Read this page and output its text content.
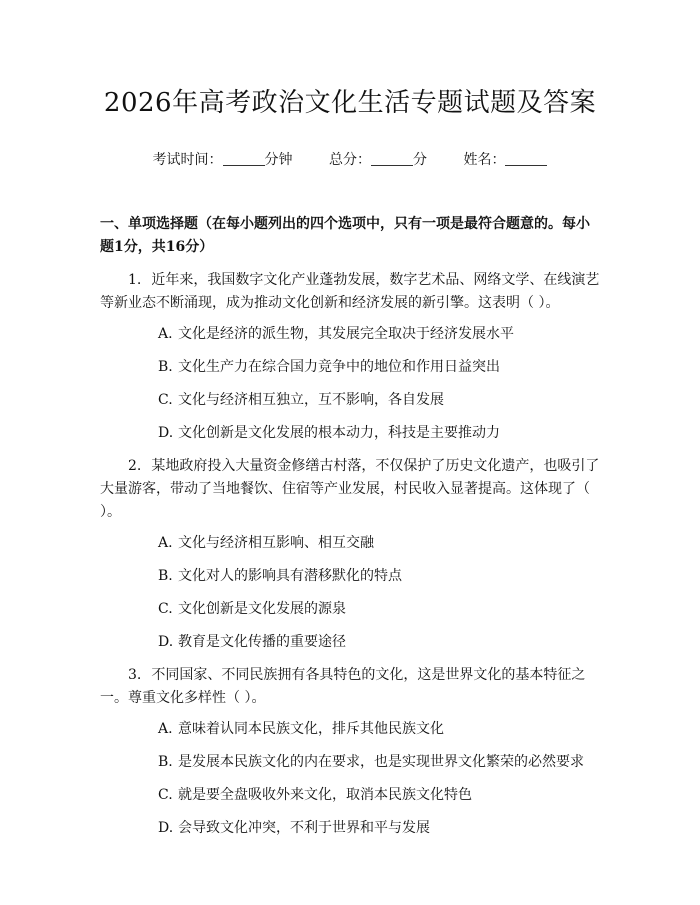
2026年高考政治文化生活专题试题及答案
考试时间：	分钟	总分：	分	姓名：
一、单项选择题（在每小题列出的四个选项中，只有一项是最符合题意的。每小题1分，共16分）
1. 近年来，我国数字文化产业蓬勃发展，数字艺术品、网络文学、在线演艺等新业态不断涌现，成为推动文化创新和经济发展的新引擎。这表明（ ）。
A. 文化是经济的派生物，其发展完全取决于经济发展水平
B. 文化生产力在综合国力竞争中的地位和作用日益突出
C. 文化与经济相互独立，互不影响，各自发展
D. 文化创新是文化发展的根本动力，科技是主要推动力
2. 某地政府投入大量资金修缮古村落，不仅保护了历史文化遗产，也吸引了大量游客，带动了当地餐饮、住宿等产业发展，村民收入显著提高。这体现了（ ）。
A. 文化与经济相互影响、相互交融
B. 文化对人的影响具有潜移默化的特点
C. 文化创新是文化发展的源泉
D. 教育是文化传播的重要途径
3. 不同国家、不同民族拥有各具特色的文化，这是世界文化的基本特征之一。尊重文化多样性（ ）。
A. 意味着认同本民族文化，排斥其他民族文化
B. 是发展本民族文化的内在要求，也是实现世界文化繁荣的必然要求
C. 就是要全盘吸收外来文化，取消本民族文化特色
D. 会导致文化冲突，不利于世界和平与发展
